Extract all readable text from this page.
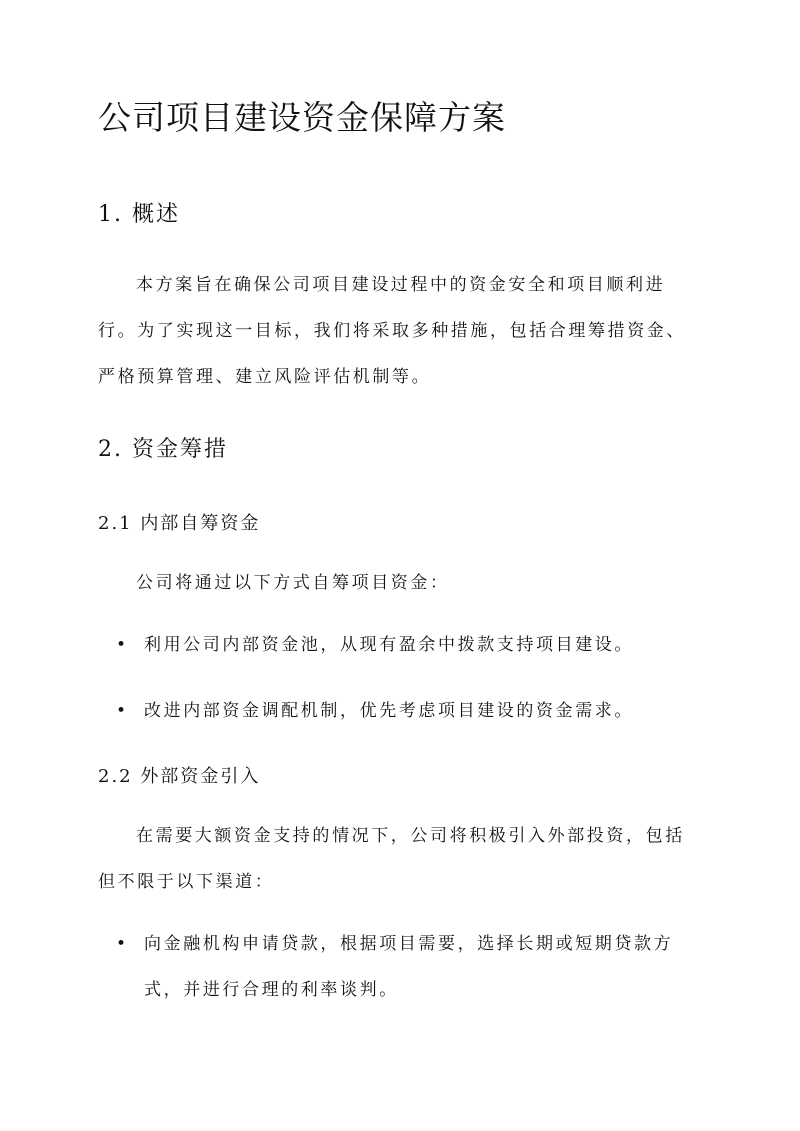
公司项目建设资金保障方案
1. 概述

本方案旨在确保公司项目建设过程中的资金安全和项目顺利进行。为了实现这一目标，我们将采取多种措施，包括合理筹措资金、严格预算管理、建立风险评估机制等。

2. 资金筹措
2.1 内部自筹资金

公司将通过以下方式自筹项目资金：

• 利用公司内部资金池，从现有盈余中拨款支持项目建设。
• 改进内部资金调配机制，优先考虑项目建设的资金需求。
2.2 外部资金引入

在需要大额资金支持的情况下，公司将积极引入外部投资，包括但不限于以下渠道：

• 向金融机构申请贷款，根据项目需要，选择长期或短期贷款方式，并进行合理的利率谈判。
